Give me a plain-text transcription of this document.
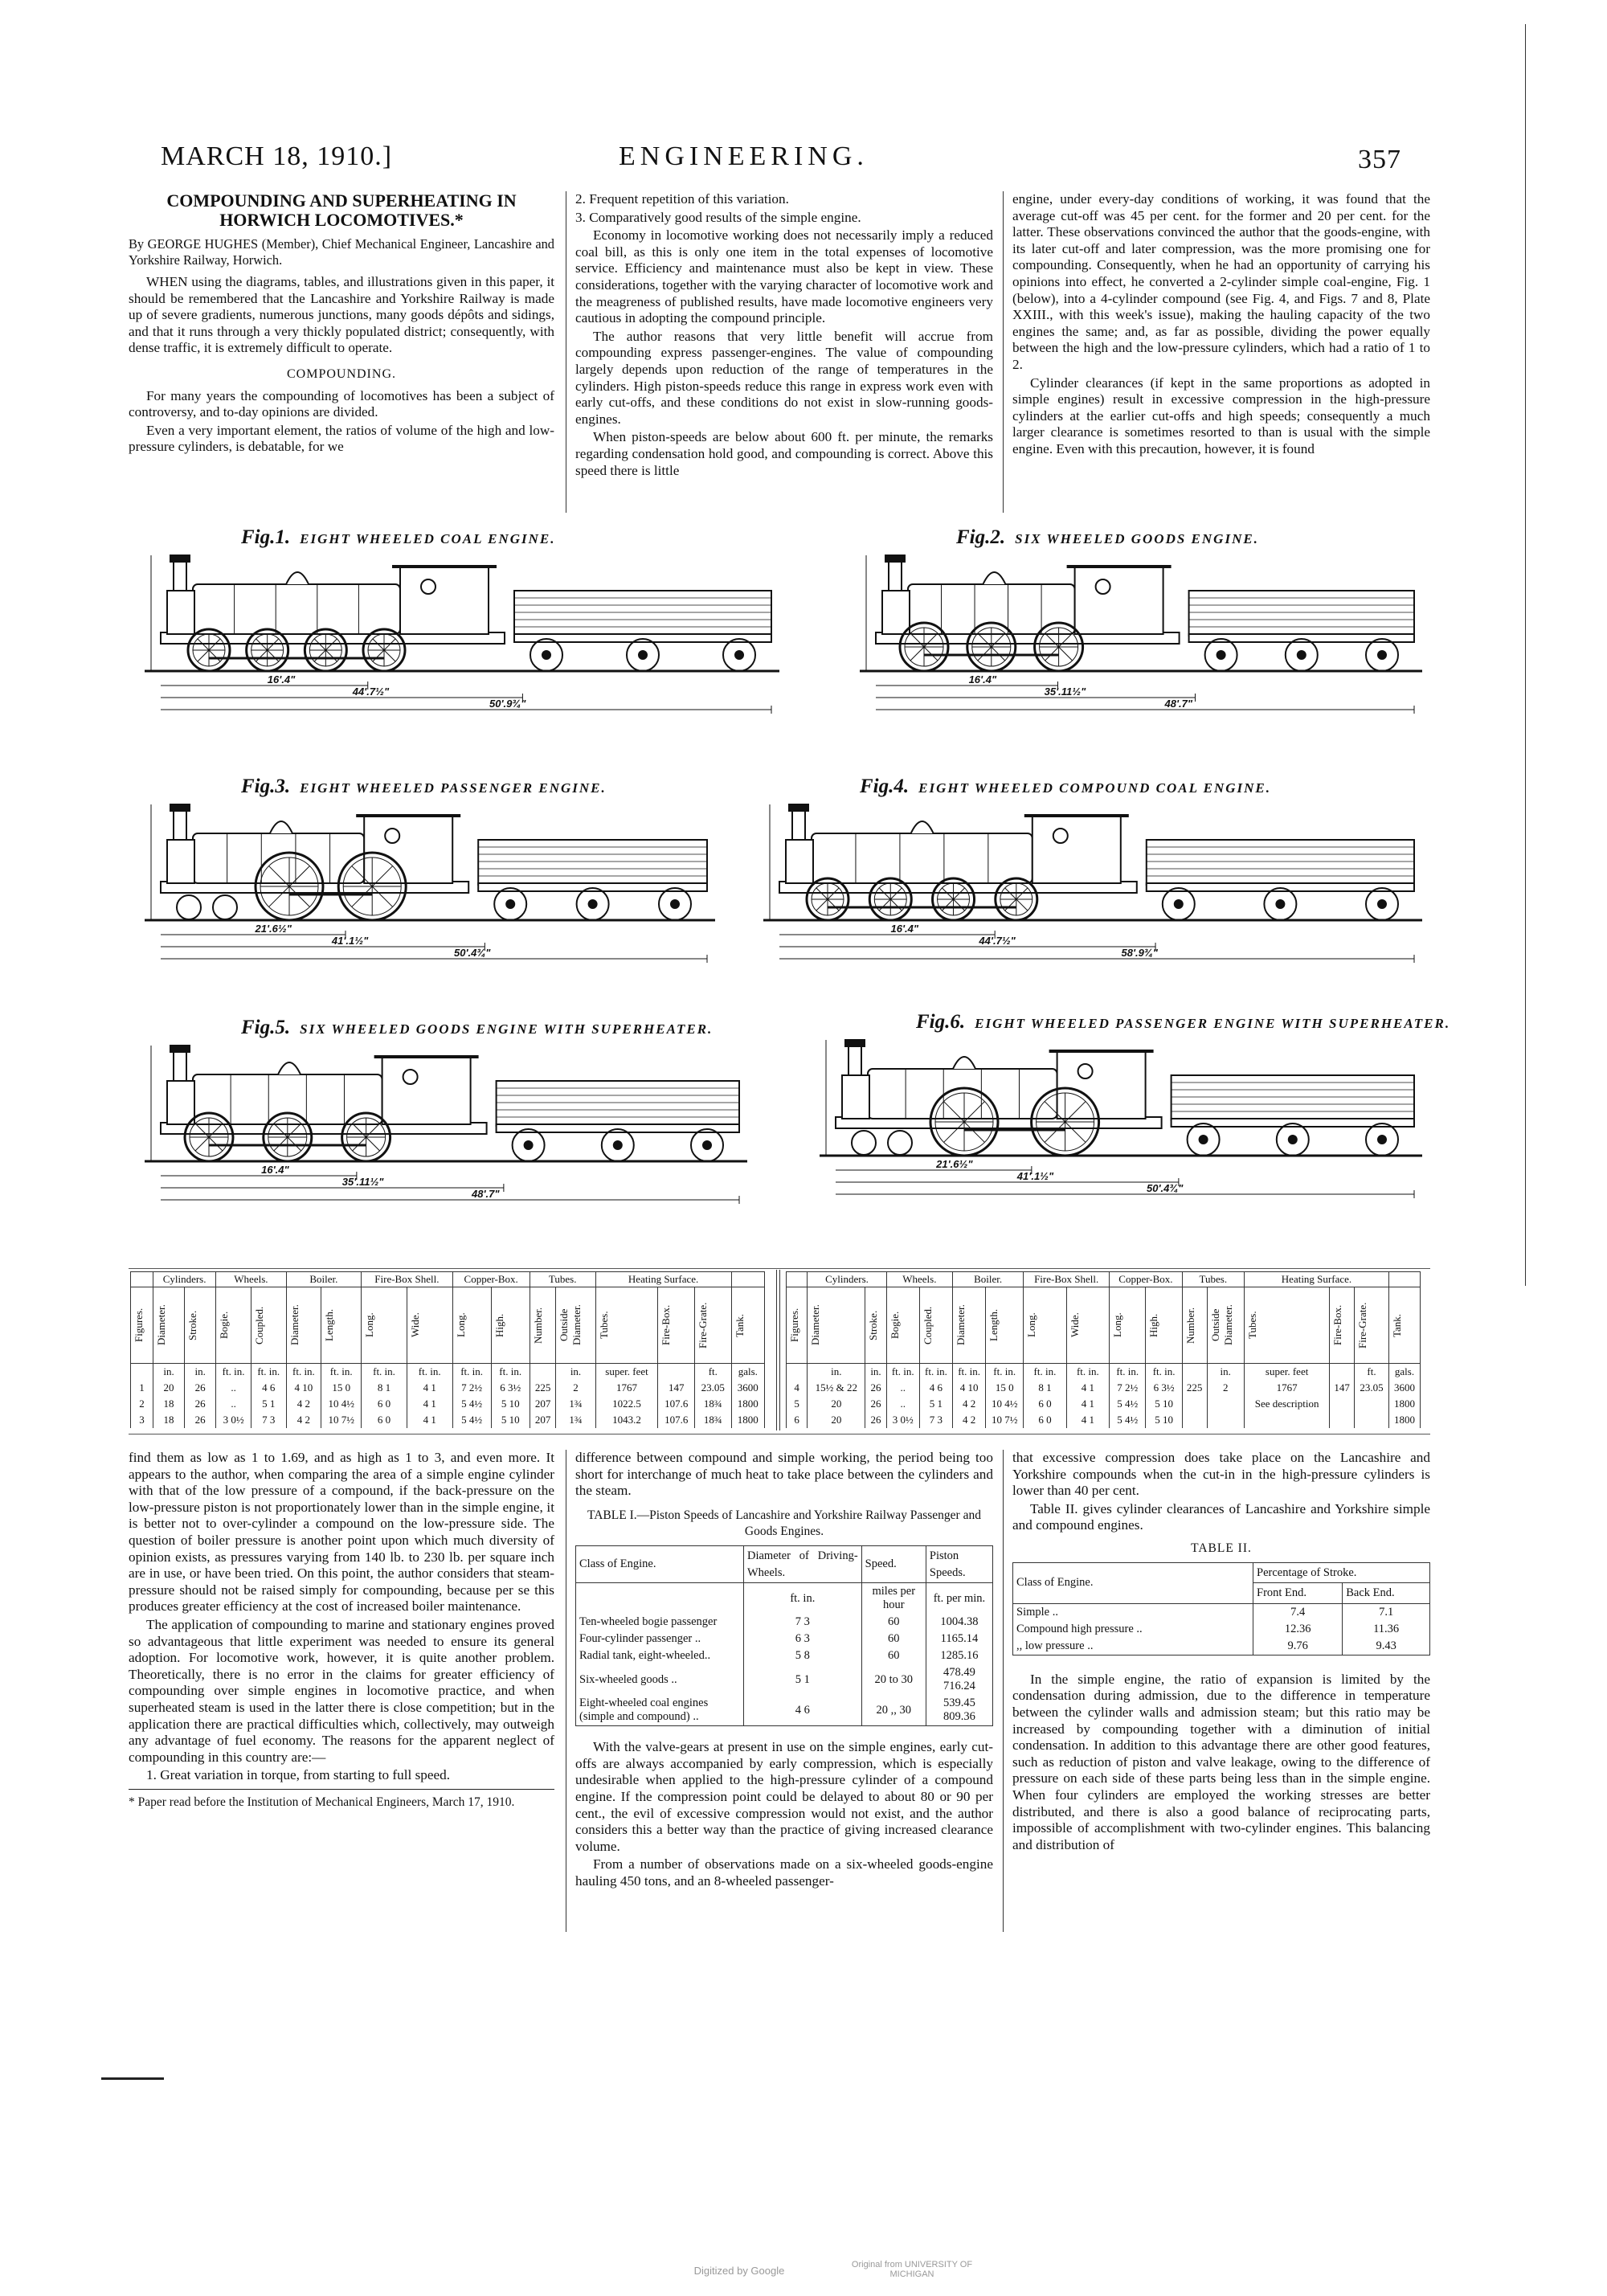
MARCH 18, 1910.]	ENGINEERING.	357
COMPOUNDING AND SUPERHEATING IN HORWICH LOCOMOTIVES.*

By GEORGE HUGHES (Member), Chief Mechanical Engineer, Lancashire and Yorkshire Railway, Horwich.

WHEN using the diagrams, tables, and illustrations given in this paper, it should be remembered that the Lancashire and Yorkshire Railway is made up of severe gradients, numerous junctions, many goods dépôts and sidings, and that it runs through a very thickly populated district; consequently, with dense traffic, it is extremely difficult to operate.

COMPOUNDING.

For many years the compounding of locomotives has been a subject of controversy, and to-day opinions are divided.

Even a very important element, the ratios of volume of the high and low-pressure cylinders, is debatable, for we

2. Frequent repetition of this variation.

3. Comparatively good results of the simple engine.

Economy in locomotive working does not necessarily imply a reduced coal bill, as this is only one item in the total expenses of locomotive service. Efficiency and maintenance must also be kept in view. These considerations, together with the varying character of locomotive work and the meagreness of published results, have made locomotive engineers very cautious in adopting the compound principle.

The author reasons that very little benefit will accrue from compounding express passenger-engines. The value of compounding largely depends upon reduction of the range of temperatures in the cylinders. High piston-speeds reduce this range in express work even with early cut-offs, and these conditions do not exist in slow-running goods-engines.

When piston-speeds are below about 600 ft. per minute, the remarks regarding condensation hold good, and compounding is correct. Above this speed there is little

engine, under every-day conditions of working, it was found that the average cut-off was 45 per cent. for the former and 20 per cent. for the latter. These observations convinced the author that the goods-engine, with its later cut-off and later compression, was the more promising one for compounding. Consequently, when he had an opportunity of carrying his opinions into effect, he converted a 2-cylinder simple coal-engine, Fig. 1 (below), into a 4-cylinder compound (see Fig. 4, and Figs. 7 and 8, Plate XXIII., with this week's issue), making the hauling capacity of the two engines the same; and, as far as possible, dividing the power equally between the high and the low-pressure cylinders, which had a ratio of 1 to 2.

Cylinder clearances (if kept in the same proportions as adopted in simple engines) result in excessive compression in the high-pressure cylinders at the earlier cut-offs and high speeds; consequently a much larger clearance is sometimes resorted to than is usual with the simple engine. Even with this precaution, however, it is found

Fig.1. EIGHT WHEELED COAL ENGINE.
16'.4"
44'.7½"
50'.9¾"
Fig.2. SIX WHEELED GOODS ENGINE.
16'.4"
35'.11½"
48'.7"
Fig.3. EIGHT WHEELED PASSENGER ENGINE.
21'.6½"
41'.1½"
50'.4¾"
Fig.4. EIGHT WHEELED COMPOUND COAL ENGINE.
16'.4"
44'.7½"
58'.9¾"
Fig.5. SIX WHEELED GOODS ENGINE WITH SUPERHEATER.
16'.4"
35'.11½"
48'.7"
Fig.6. EIGHT WHEELED PASSENGER ENGINE WITH SUPERHEATER.
21'.6½"
41'.1½"
50'.4¾"
	Cylinders.		Wheels.		Boiler.		Fire-Box Shell.		Copper-Box.		Tubes.		Heating Surface.			

Figures.	Diameter.	Stroke.	Bogie.	Coupled.	Diameter.	Length.	Long.	Wide.	Long.	High.	Number.	Outside Diameter.	Tubes.	Fire-Box.	Fire-Grate.	Tank.

	in.	in.	ft. in.	ft. in.	ft. in.	ft. in.	ft. in.	ft. in.	ft. in.	ft. in.		in.	super. feet		ft.	gals.
1	20	26	..	4 6	4 10	15 0	8 1	4 1	7 2½	6 3½	225	2	1767	147	23.05	3600
2	18	26	..	5 1	4 2	10 4½	6 0	4 1	5 4½	5 10	207	1¾	1022.5	107.6	18¾	1800
3	18	26	3 0½	7 3	4 2	10 7½	6 0	4 1	5 4½	5 10	207	1¾	1043.2	107.6	18¾	1800
	Cylinders.		Wheels.		Boiler.		Fire-Box Shell.		Copper-Box.		Tubes.		Heating Surface.			

Figures.	Diameter.	Stroke.	Bogie.	Coupled.	Diameter.	Length.	Long.	Wide.	Long.	High.	Number.	Outside Diameter.	Tubes.	Fire-Box.	Fire-Grate.	Tank.

	in.	in.	ft. in.	ft. in.	ft. in.	ft. in.	ft. in.	ft. in.	ft. in.	ft. in.		in.	super. feet		ft.	gals.
4	15½ & 22	26	..	4 6	4 10	15 0	8 1	4 1	7 2½	6 3½	225	2	1767	147	23.05	3600
5	20	26	..	5 1	4 2	10 4½	6 0	4 1	5 4½	5 10			See description			1800
6	20	26	3 0½	7 3	4 2	10 7½	6 0	4 1	5 4½	5 10						1800

find them as low as 1 to 1.69, and as high as 1 to 3, and even more. It appears to the author, when comparing the area of a simple engine cylinder with that of the low pressure of a compound, if the back-pressure on the low-pressure piston is not proportionately lower than in the simple engine, it is better not to over-cylinder a compound on the low-pressure side. The question of boiler pressure is another point upon which much diversity of opinion exists, as pressures varying from 140 lb. to 230 lb. per square inch are in use, or have been tried. On this point, the author considers that steam-pressure should not be raised simply for compounding, because per se this produces greater efficiency at the cost of increased boiler maintenance.

The application of compounding to marine and stationary engines proved so advantageous that little experiment was needed to ensure its general adoption. For locomotive work, however, it is quite another problem. Theoretically, there is no error in the claims for greater efficiency of compounding over simple engines in locomotive practice, and when superheated steam is used in the latter there is close competition; but in the application there are practical difficulties which, collectively, may outweigh any advantage of fuel economy. The reasons for the apparent neglect of compounding in this country are:—

1. Great variation in torque, from starting to full speed.

* Paper read before the Institution of Mechanical Engineers, March 17, 1910.

difference between compound and simple working, the period being too short for interchange of much heat to take place between the cylinders and the steam.

TABLE I.—Piston Speeds of Lancashire and Yorkshire Railway Passenger and Goods Engines.
Class of Engine.	Diameter of Driving-Wheels.	Speed.	Piston Speeds.
	ft. in.	miles per hour	ft. per min.
Ten-wheeled bogie passenger	7 3	60	1004.38
Four-cylinder passenger ..	6 3	60	1165.14
Radial tank, eight-wheeled..	5 8	60	1285.16
Six-wheeled goods ..	5 1	20 to 30	478.49 716.24
Eight-wheeled coal engines (simple and compound) ..	4 6	20 ,, 30	539.45 809.36

With the valve-gears at present in use on the simple engines, early cut-offs are always accompanied by early compression, which is especially undesirable when applied to the high-pressure cylinder of a compound engine. If the compression point could be delayed to about 80 or 90 per cent., the evil of excessive compression would not exist, and the author considers this a better way than the practice of giving increased clearance volume.

From a number of observations made on a six-wheeled goods-engine hauling 450 tons, and an 8-wheeled passenger-

that excessive compression does take place on the Lancashire and Yorkshire compounds when the cut-in in the high-pressure cylinders is lower than 40 per cent.

Table II. gives cylinder clearances of Lancashire and Yorkshire simple and compound engines.

TABLE II.
Class of Engine.	Percentage of Stroke.	
	Front End.	Back End.
Simple ..	7.4	7.1
Compound high pressure ..	12.36	11.36
,, low pressure ..	9.76	9.43

In the simple engine, the ratio of expansion is limited by the condensation during admission, due to the difference in temperature between the cylinder walls and admission steam; but this ratio may be increased by compounding together with a diminution of initial condensation. In addition to this advantage there are other good features, such as reduction of piston and valve leakage, owing to the difference of pressure on each side of these parts being less than in the simple engine. When four cylinders are employed the working stresses are better distributed, and there is also a good balance of reciprocating parts, impossible of accomplishment with two-cylinder engines. This balancing and distribution of

Digitized by Google	Original from UNIVERSITY OF MICHIGAN
